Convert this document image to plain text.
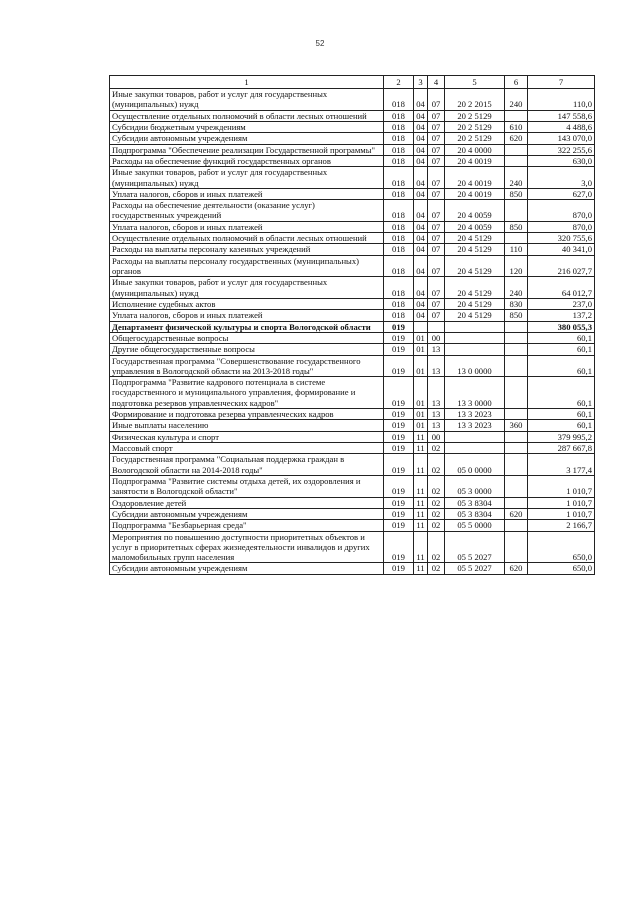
52
1	2	3	4	5	6	7
Иные закупки товаров, работ и услуг для государственных (муниципальных) нужд	018	04	07	20 2 2015	240	110,0
Осуществление отдельных полномочий в области лесных отношений	018	04	07	20 2 5129		147 558,6
Субсидии бюджетным учреждениям	018	04	07	20 2 5129	610	4 488,6
Субсидии автономным учреждениям	018	04	07	20 2 5129	620	143 070,0
Подпрограмма "Обеспечение реализации Государственной программы"	018	04	07	20 4 0000		322 255,6
Расходы на обеспечение функций государственных органов	018	04	07	20 4 0019		630,0
Иные закупки товаров, работ и услуг для государственных (муниципальных) нужд	018	04	07	20 4 0019	240	3,0
Уплата налогов, сборов и иных платежей	018	04	07	20 4 0019	850	627,0
Расходы на обеспечение деятельности (оказание услуг) государственных учреждений	018	04	07	20 4 0059		870,0
Уплата налогов, сборов и иных платежей	018	04	07	20 4 0059	850	870,0
Осуществление отдельных полномочий в области лесных отношений	018	04	07	20 4 5129		320 755,6
Расходы на выплаты персоналу казенных учреждений	018	04	07	20 4 5129	110	40 341,0
Расходы на выплаты персоналу государственных (муниципальных) органов	018	04	07	20 4 5129	120	216 027,7
Иные закупки товаров, работ и услуг для государственных (муниципальных) нужд	018	04	07	20 4 5129	240	64 012,7
Исполнение судебных актов	018	04	07	20 4 5129	830	237,0
Уплата налогов, сборов и иных платежей	018	04	07	20 4 5129	850	137,2
Департамент физической культуры и спорта Вологодской области	019					380 055,3
Общегосударственные вопросы	019	01	00			60,1
Другие общегосударственные вопросы	019	01	13			60,1
Государственная программа "Совершенствование государственного управления в Вологодской области на 2013-2018 годы"	019	01	13	13 0 0000		60,1
Подпрограмма "Развитие кадрового потенциала в системе государственного и муниципального управления, формирование и подготовка резервов управленческих кадров"	019	01	13	13 3 0000		60,1
Формирование и подготовка резерва управленческих кадров	019	01	13	13 3 2023		60,1
Иные выплаты населению	019	01	13	13 3 2023	360	60,1
Физическая культура и спорт	019	11	00			379 995,2
Массовый спорт	019	11	02			287 667,8
Государственная программа "Социальная поддержка граждан в Вологодской области на 2014-2018 годы"	019	11	02	05 0 0000		3 177,4
Подпрограмма "Развитие системы отдыха детей, их оздоровления и занятости в Вологодской области"	019	11	02	05 3 0000		1 010,7
Оздоровление детей	019	11	02	05 3 8304		1 010,7
Субсидии автономным учреждениям	019	11	02	05 3 8304	620	1 010,7
Подпрограмма "Безбарьерная среда"	019	11	02	05 5 0000		2 166,7
Мероприятия по повышению доступности приоритетных объектов и услуг в приоритетных сферах жизнедеятельности инвалидов и других маломобильных групп населения	019	11	02	05 5 2027		650,0
Субсидии автономным учреждениям	019	11	02	05 5 2027	620	650,0
